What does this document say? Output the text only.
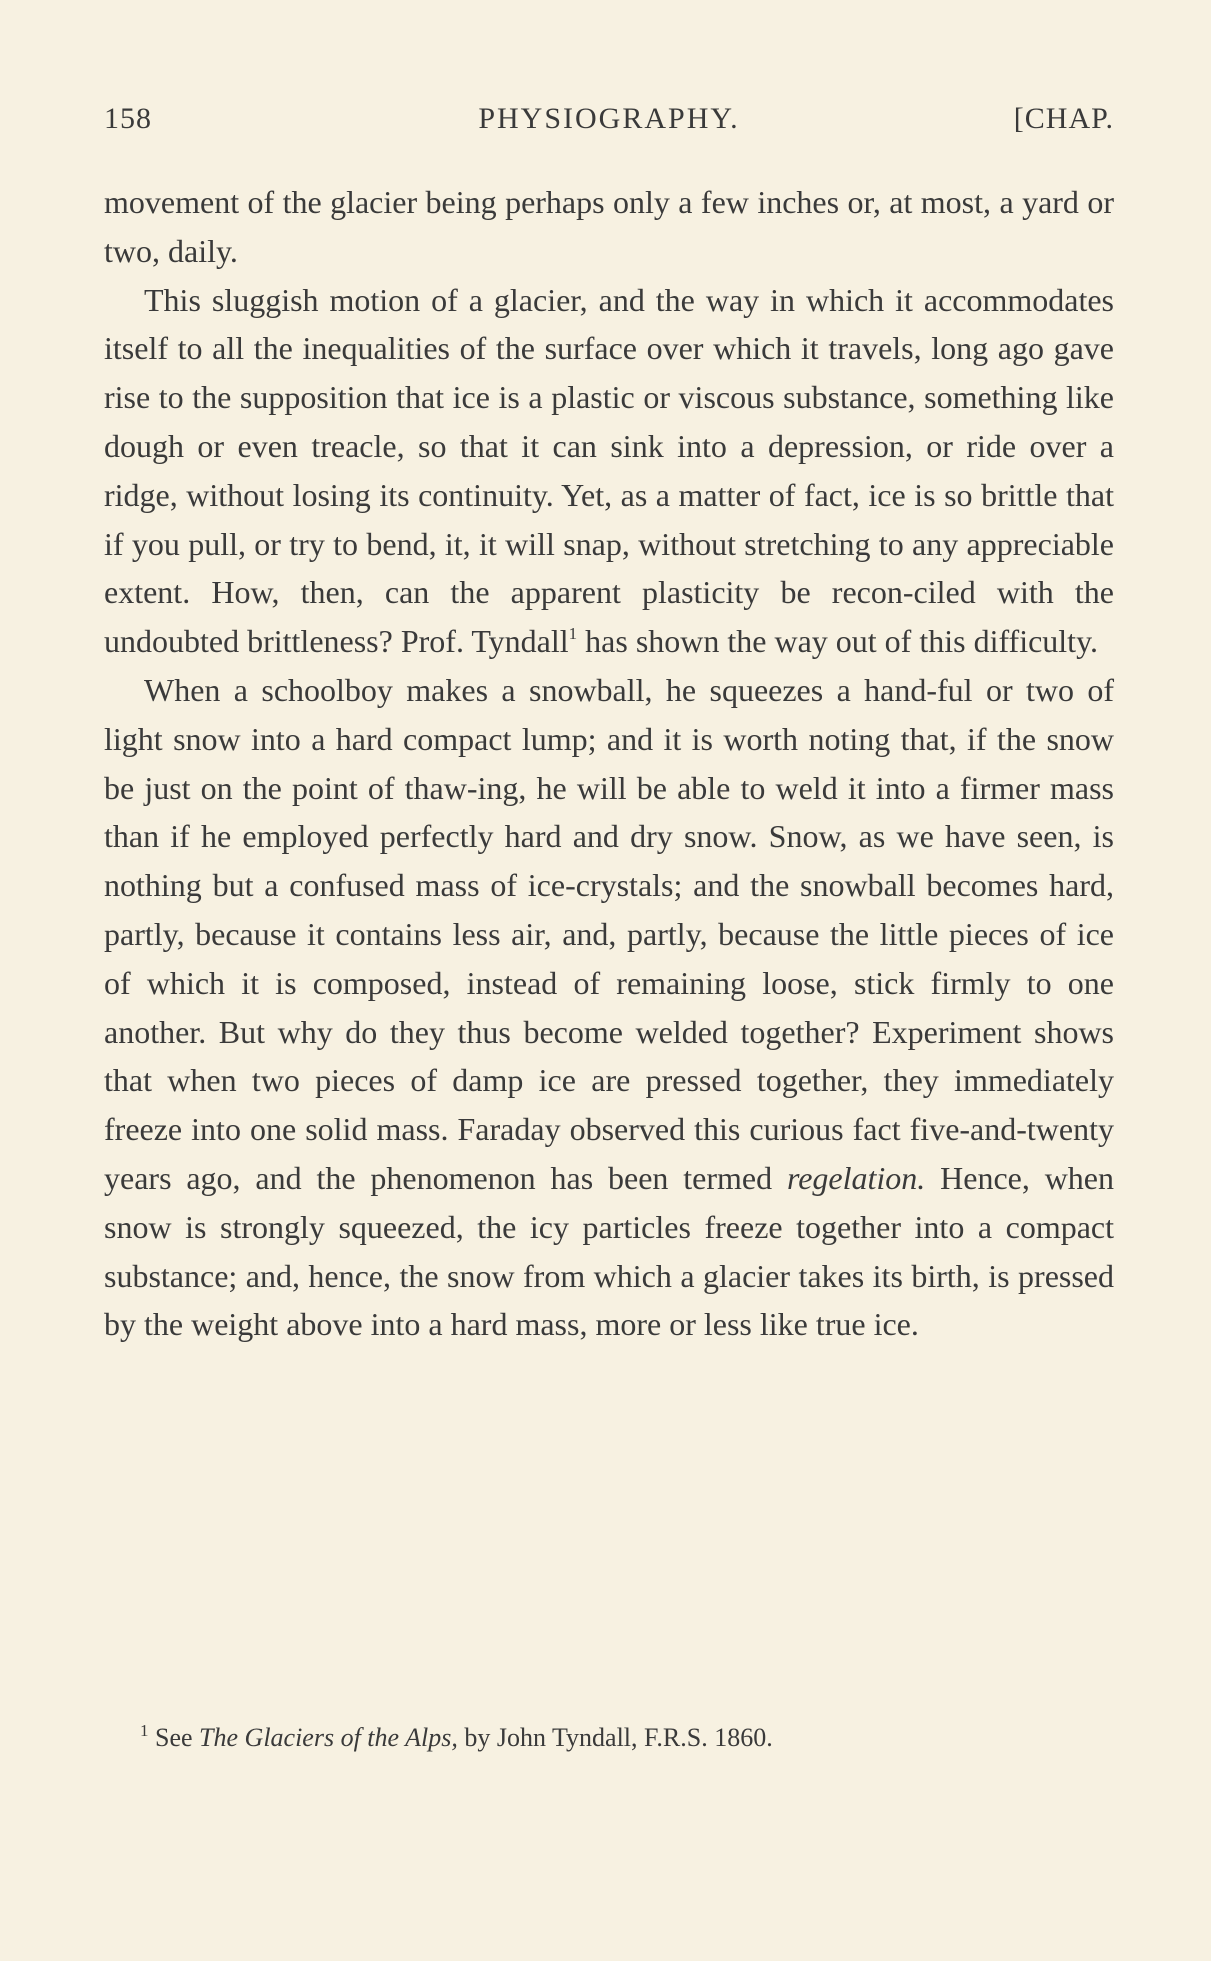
158	PHYSIOGRAPHY.	[CHAP.

movement of the glacier being perhaps only a few inches or, at most, a yard or two, daily.

This sluggish motion of a glacier, and the way in which it accommodates itself to all the inequalities of the surface over which it travels, long ago gave rise to the supposition that ice is a plastic or viscous substance, something like dough or even treacle, so that it can sink into a depression, or ride over a ridge, without losing its continuity. Yet, as a matter of fact, ice is so brittle that if you pull, or try to bend, it, it will snap, without stretching to any appreciable extent. How, then, can the apparent plasticity be recon-ciled with the undoubted brittleness? Prof. Tyndall$^1$ has shown the way out of this difficulty.

When a schoolboy makes a snowball, he squeezes a hand-ful or two of light snow into a hard compact lump; and it is worth noting that, if the snow be just on the point of thaw-ing, he will be able to weld it into a firmer mass than if he employed perfectly hard and dry snow. Snow, as we have seen, is nothing but a confused mass of ice-crystals; and the snowball becomes hard, partly, because it contains less air, and, partly, because the little pieces of ice of which it is composed, instead of remaining loose, stick firmly to one another. But why do they thus become welded together? Experiment shows that when two pieces of damp ice are pressed together, they immediately freeze into one solid mass. Faraday observed this curious fact five-and-twenty years ago, and the phenomenon has been termed regelation. Hence, when snow is strongly squeezed, the icy particles freeze together into a compact substance; and, hence, the snow from which a glacier takes its birth, is pressed by the weight above into a hard mass, more or less like true ice.

$^1$ See The Glaciers of the Alps, by John Tyndall, F.R.S. 1860.
